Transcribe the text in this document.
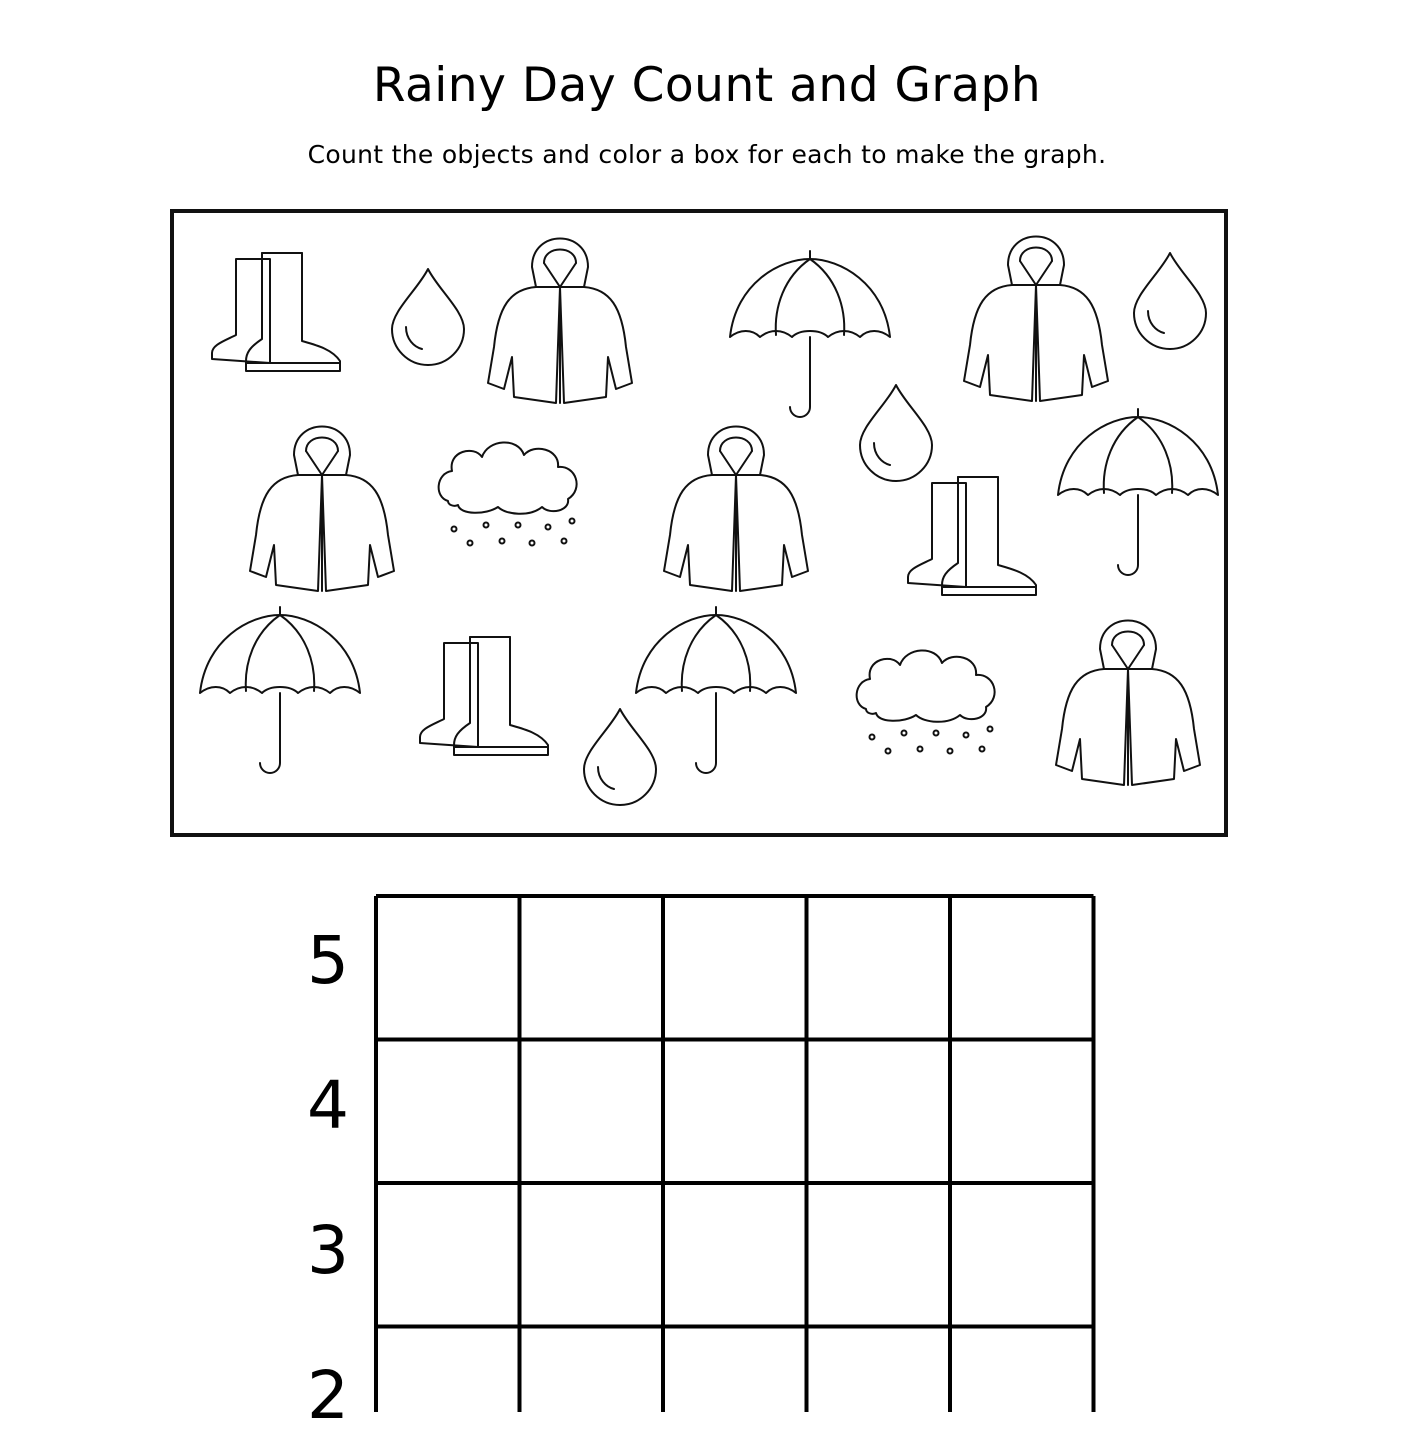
Rainy Day Count and Graph
Count the objects and color a box for each to make the graph.
5
4
3
2
